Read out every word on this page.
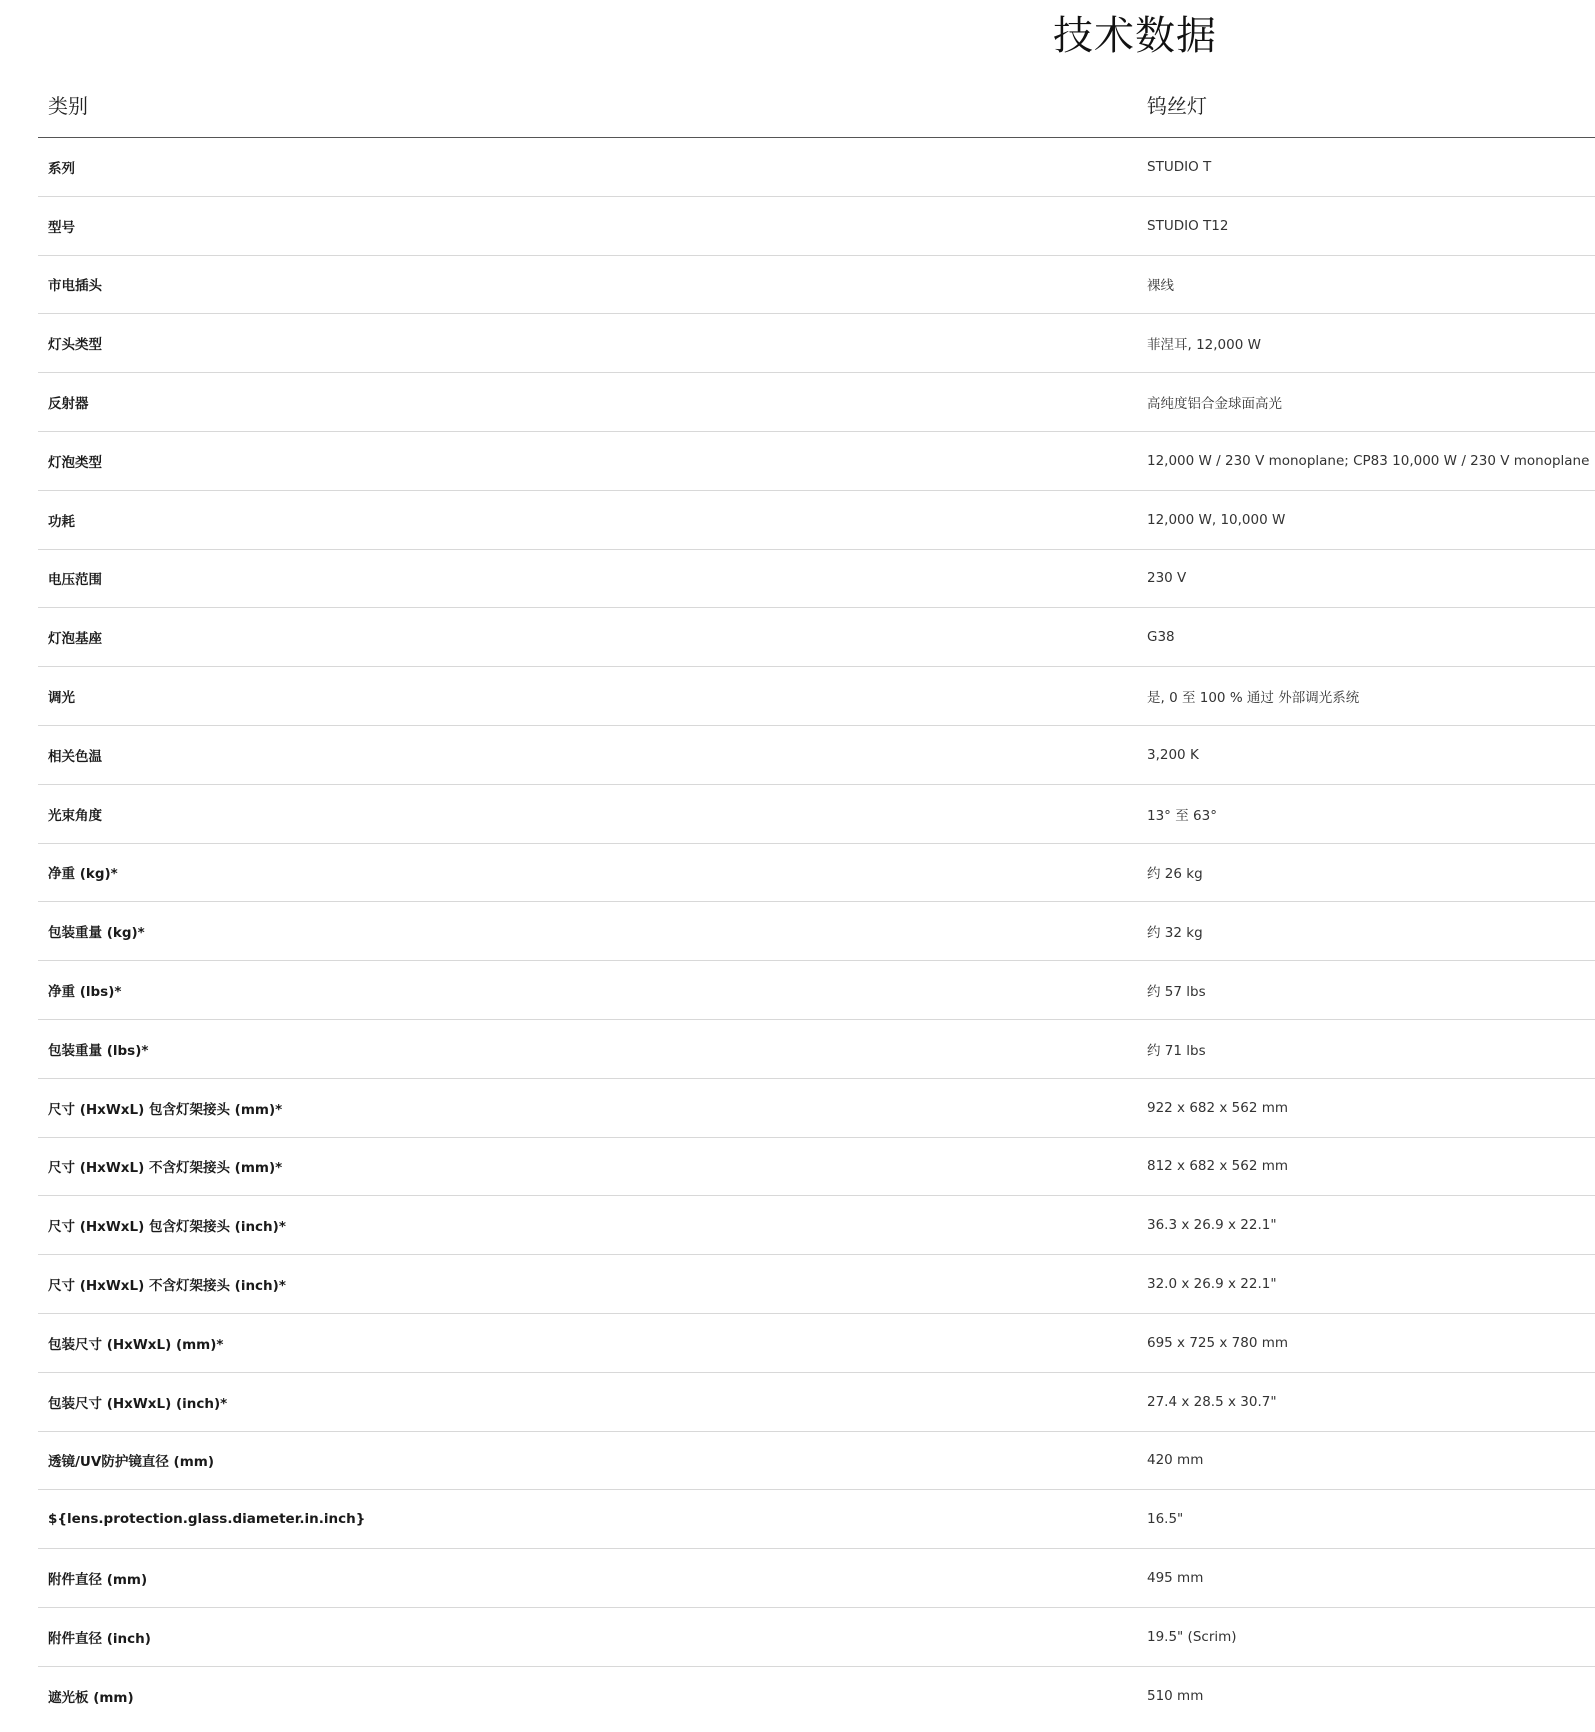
技术数据
类别	钨丝灯
系列	STUDIO T
型号	STUDIO T12
市电插头	裸线
灯头类型	菲涅耳, 12,000 W
反射器	高纯度铝合金球面高光
灯泡类型	12,000 W / 230 V monoplane; CP83 10,000 W / 230 V monoplane
功耗	12,000 W, 10,000 W
电压范围	230 V
灯泡基座	G38
调光	是, 0 至 100 % 通过 外部调光系统
相关色温	3,200 K
光束角度	13° 至 63°
净重 (kg)*	约 26 kg
包装重量 (kg)*	约 32 kg
净重 (lbs)*	约 57 lbs
包装重量 (lbs)*	约 71 lbs
尺寸 (HxWxL) 包含灯架接头 (mm)*	922 x 682 x 562 mm
尺寸 (HxWxL) 不含灯架接头 (mm)*	812 x 682 x 562 mm
尺寸 (HxWxL) 包含灯架接头 (inch)*	36.3 x 26.9 x 22.1"
尺寸 (HxWxL) 不含灯架接头 (inch)*	32.0 x 26.9 x 22.1"
包装尺寸 (HxWxL) (mm)*	695 x 725 x 780 mm
包装尺寸 (HxWxL) (inch)*	27.4 x 28.5 x 30.7"
透镜/UV防护镜直径 (mm)	420 mm
${lens.protection.glass.diameter.in.inch}	16.5"
附件直径 (mm)	495 mm
附件直径 (inch)	19.5" (Scrim)
遮光板 (mm)	510 mm
